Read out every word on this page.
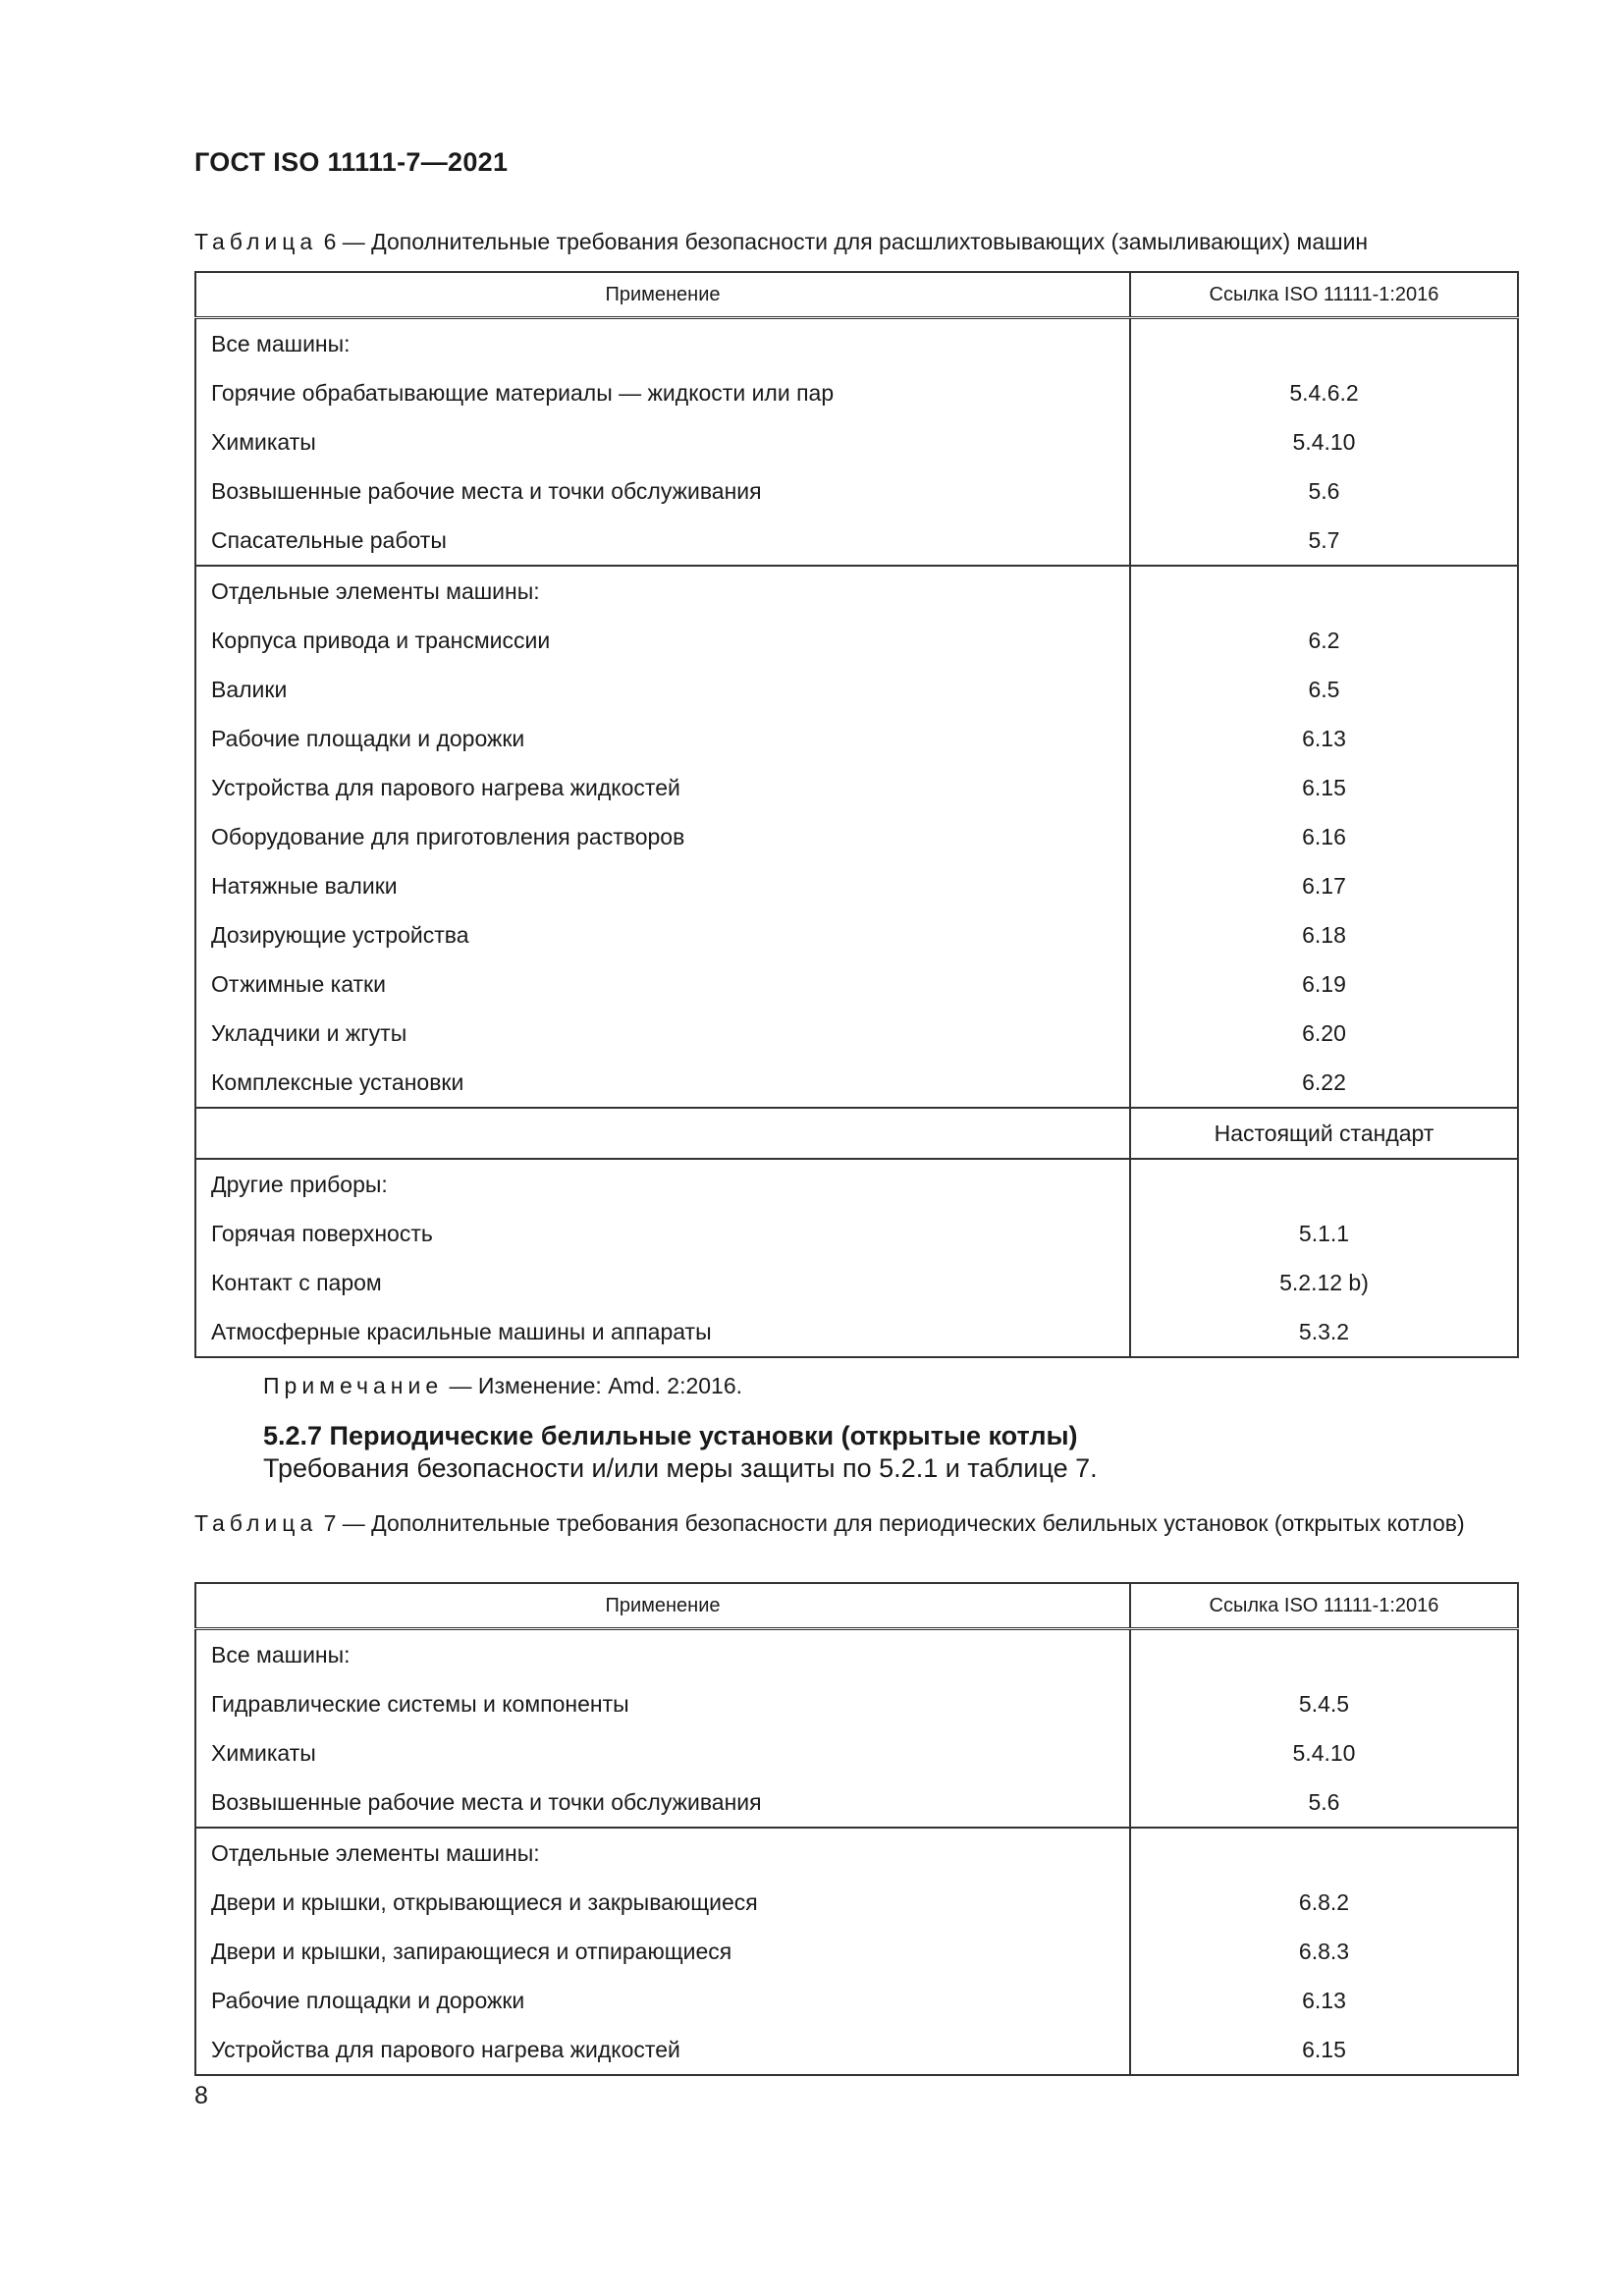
ГОСТ ISO 11111-7—2021
Таблица 6 — Дополнительные требования безопасности для расшлихтовывающих (замыливающих) машин
Применение	Ссылка ISO 11111-1:2016
Все машины:	
Горячие обрабатывающие материалы — жидкости или пар	5.4.6.2
Химикаты	5.4.10
Возвышенные рабочие места и точки обслуживания	5.6
Спасательные работы	5.7
Отдельные элементы машины:	
Корпуса привода и трансмиссии	6.2
Валики	6.5
Рабочие площадки и дорожки	6.13
Устройства для парового нагрева жидкостей	6.15
Оборудование для приготовления растворов	6.16
Натяжные валики	6.17
Дозирующие устройства	6.18
Отжимные катки	6.19
Укладчики и жгуты	6.20
Комплексные установки	6.22
	Настоящий стандарт
Другие приборы:	
Горячая поверхность	5.1.1
Контакт с паром	5.2.12 b)
Атмосферные красильные машины и аппараты	5.3.2
Примечание — Изменение: Amd. 2:2016.
5.2.7 Периодические белильные установки (открытые котлы)
Требования безопасности и/или меры защиты по 5.2.1 и таблице 7.
Таблица 7 — Дополнительные требования безопасности для периодических белильных установок (открытых котлов)
Применение	Ссылка ISO 11111-1:2016
Все машины:	
Гидравлические системы и компоненты	5.4.5
Химикаты	5.4.10
Возвышенные рабочие места и точки обслуживания	5.6
Отдельные элементы машины:	
Двери и крышки, открывающиеся и закрывающиеся	6.8.2
Двери и крышки, запирающиеся и отпирающиеся	6.8.3
Рабочие площадки и дорожки	6.13
Устройства для парового нагрева жидкостей	6.15
8
